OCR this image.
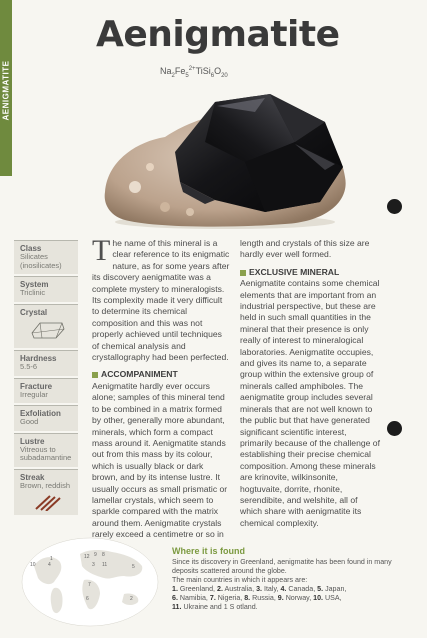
AENIGMATITE
Aenigmatite
$Na_2Fe_5^{2+}TiSi_6O_{20}$
Class
Silicates (inosilicates)
System
Triclinic
Crystal
Hardness
5.5-6
Fracture
Irregular
Exfoliation
Good
Lustre
Vitreous to subadamantine
Streak
Brown, reddish

The name of this mineral is a clear reference to its enigmatic nature, as for some years after its discovery aenigmatite was a complete mystery to mineralogists. Its complexity made it very difficult to determine its chemical composition and this was not properly achieved until techniques of chemical analysis and crystallography had been perfected.

ACCOMPANIMENT

Aenigmatite hardly ever occurs alone; samples of this mineral tend to be combined in a matrix formed by other, generally more abundant, minerals, which form a compact mass around it. Aenigmatite stands out from this mass by its colour, which is usually black or dark brown, and by its intense lustre. It usually occurs as small prismatic or lamellar crystals, which seem to sparkle compared with the matrix around them. Aenigmatite crystals rarely exceed a centimetre or so in

length and crystals of this size are hardly ever well formed.

EXCLUSIVE MINERAL

Aenigmatite contains some chemical elements that are important from an industrial perspective, but these are held in such small quantities in the mineral that their presence is only really of interest to mineralogical laboratories. Aenigmatite occupies, and gives its name to, a separate group within the extensive group of minerals called amphiboles. The aenigmatite group includes several minerals that are not well known to the public but that have generated significant scientific interest, primarily because of the challenge of establishing their precise chemical composition. Among these minerals are krinovite, wilkinsonite, hogtuvaite, dorrite, rhonite, serendibite, and welshite, all of which share with aenigmatite its chemical complexity.

1
10 4
12 9 8
3 11	5
7
6	2
Where it is found

Since its discovery in Greenland, aenigmatite has been found in many deposits scattered around the globe.

The main countries in which it appears are:

1. Greenland, 2. Australia, 3. Italy, 4. Canada, 5. Japan,
6. Namibia, 7. Nigeria, 8. Russia, 9. Norway, 10. USA,
11. Ukraine and 1 S otland.
